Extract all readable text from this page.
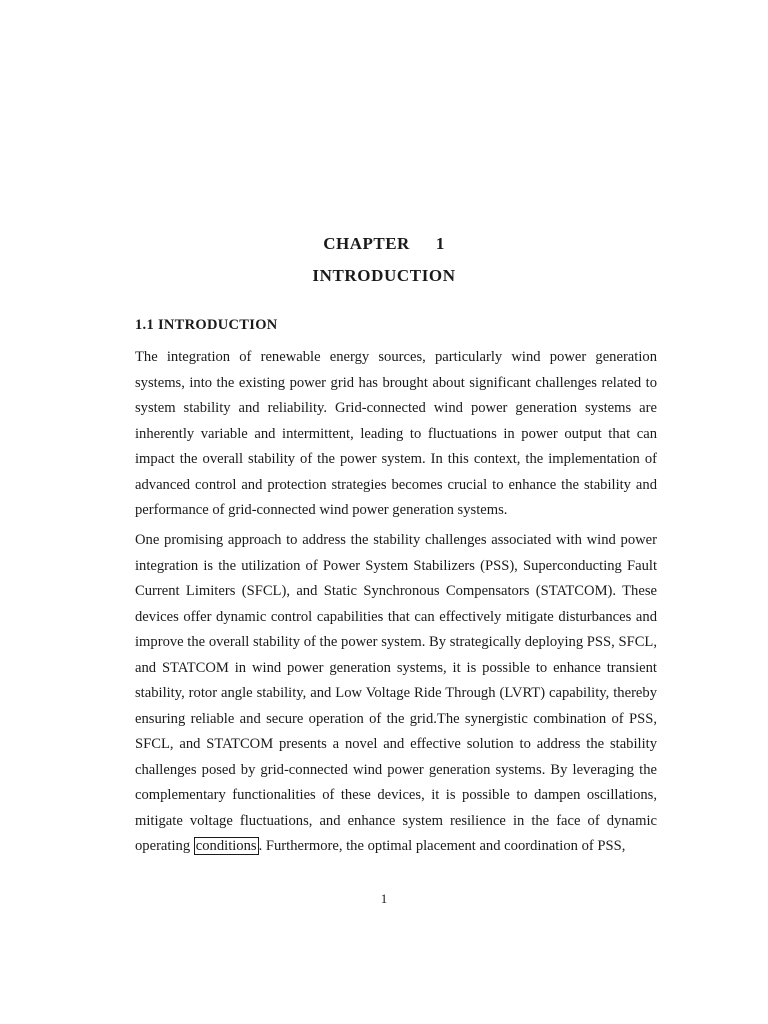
CHAPTER 1
INTRODUCTION
1.1 INTRODUCTION

The integration of renewable energy sources, particularly wind power generation systems, into the existing power grid has brought about significant challenges related to system stability and reliability. Grid-connected wind power generation systems are inherently variable and intermittent, leading to fluctuations in power output that can impact the overall stability of the power system. In this context, the implementation of advanced control and protection strategies becomes crucial to enhance the stability and performance of grid-connected wind power generation systems.

One promising approach to address the stability challenges associated with wind power integration is the utilization of Power System Stabilizers (PSS), Superconducting Fault Current Limiters (SFCL), and Static Synchronous Compensators (STATCOM). These devices offer dynamic control capabilities that can effectively mitigate disturbances and improve the overall stability of the power system. By strategically deploying PSS, SFCL, and STATCOM in wind power generation systems, it is possible to enhance transient stability, rotor angle stability, and Low Voltage Ride Through (LVRT) capability, thereby ensuring reliable and secure operation of the grid.The synergistic combination of PSS, SFCL, and STATCOM presents a novel and effective solution to address the stability challenges posed by grid-connected wind power generation systems. By leveraging the complementary functionalities of these devices, it is possible to dampen oscillations, mitigate voltage fluctuations, and enhance system resilience in the face of dynamic operating conditions . Furthermore, the optimal placement and coordination of PSS,

1
